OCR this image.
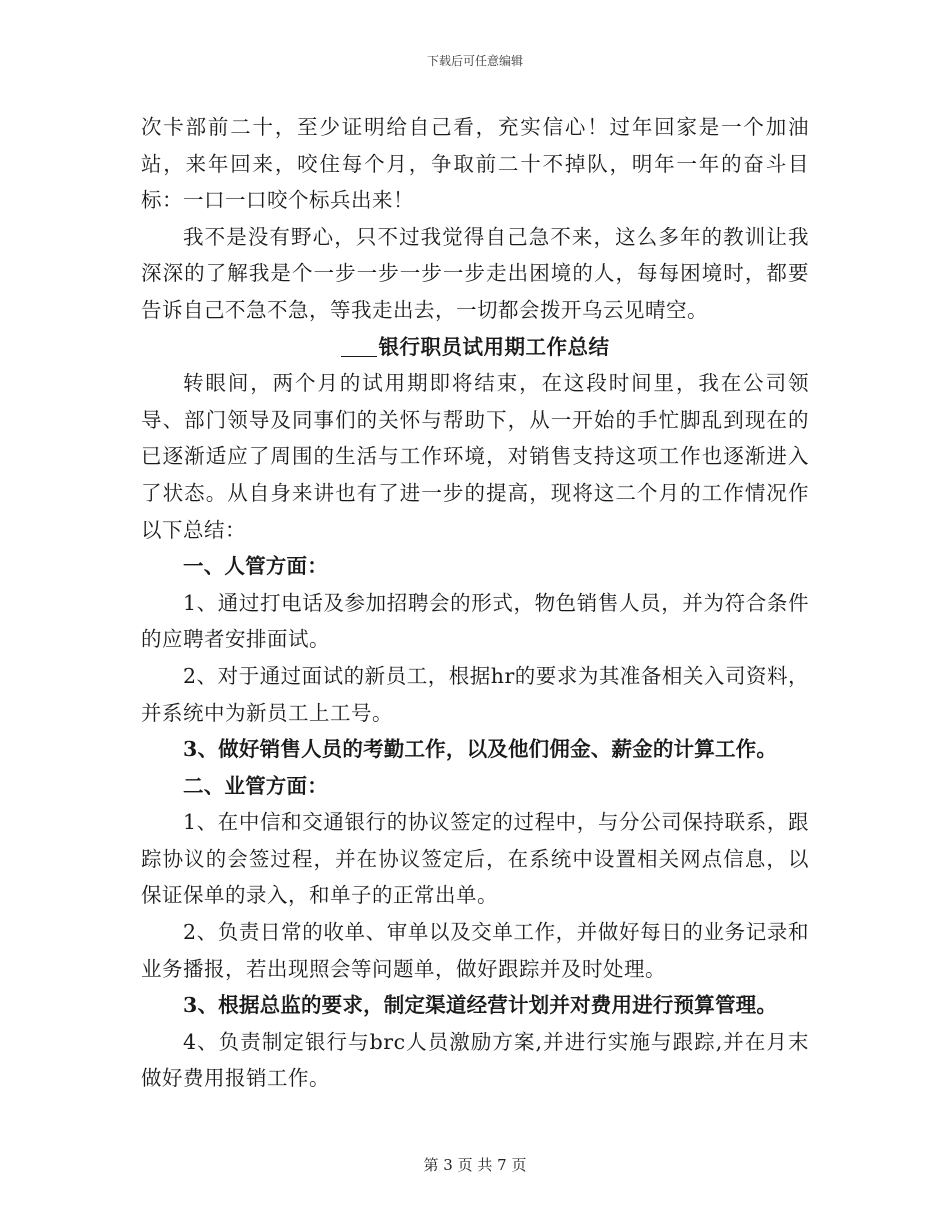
下载后可任意编辑

次卡部前二十，至少证明给自己看，充实信心！过年回家是一个加油站，来年回来，咬住每个月，争取前二十不掉队，明年一年的奋斗目标：一口一口咬个标兵出来！

我不是没有野心，只不过我觉得自己急不来，这么多年的教训让我深深的了解我是个一步一步一步一步走出困境的人，每每困境时，都要告诉自己不急不急，等我走出去，一切都会拨开乌云见晴空。

银行职员试用期工作总结

转眼间，两个月的试用期即将结束，在这段时间里，我在公司领导、部门领导及同事们的关怀与帮助下，从一开始的手忙脚乱到现在的已逐渐适应了周围的生活与工作环境，对销售支持这项工作也逐渐进入了状态。从自身来讲也有了进一步的提高，现将这二个月的工作情况作以下总结：

一、人管方面：

1、通过打电话及参加招聘会的形式，物色销售人员，并为符合条件的应聘者安排面试。

2、对于通过面试的新员工，根据hr的要求为其准备相关入司资料，并系统中为新员工上工号。

3、做好销售人员的考勤工作，以及他们佣金、薪金的计算工作。

二、业管方面：

1、在中信和交通银行的协议签定的过程中，与分公司保持联系，跟踪协议的会签过程，并在协议签定后，在系统中设置相关网点信息，以保证保单的录入，和单子的正常出单。

2、负责日常的收单、审单以及交单工作，并做好每日的业务记录和业务播报，若出现照会等问题单，做好跟踪并及时处理。

3、根据总监的要求，制定渠道经营计划并对费用进行预算管理。

4、负责制定银行与brc人员激励方案,并进行实施与跟踪,并在月末做好费用报销工作。

第 3 页 共 7 页
